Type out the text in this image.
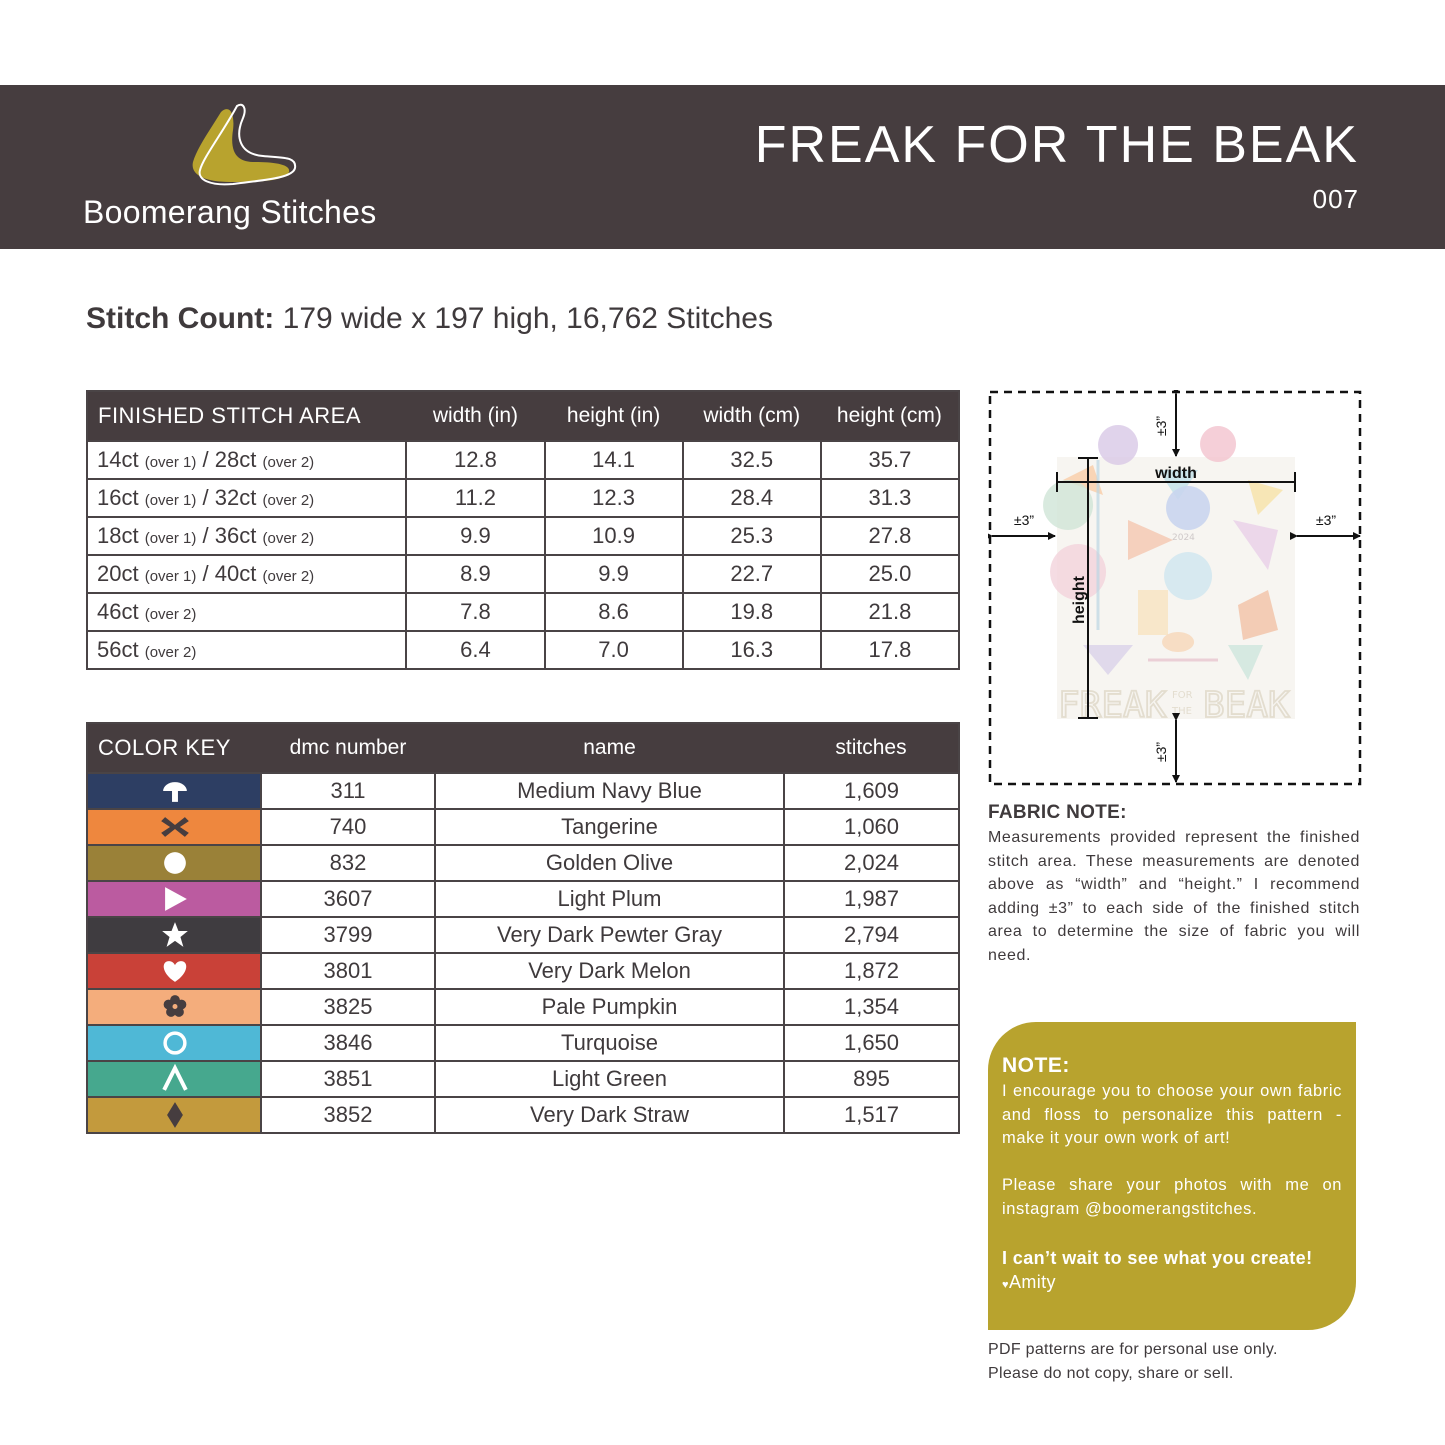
Boomerang Stitches
FREAK FOR THE BEAK
007
Stitch Count: 179 wide x 197 high, 16,762 Stitches
FINISHED STITCH AREA	width (in)	height (in)	width (cm)	height (cm)
14ct (over 1) / 28ct (over 2)	12.8	14.1	32.5	35.7
16ct (over 1) / 32ct (over 2)	11.2	12.3	28.4	31.3
18ct (over 1) / 36ct (over 2)	9.9	10.9	25.3	27.8
20ct (over 1) / 40ct (over 2)	8.9	9.9	22.7	25.0
46ct (over 2)	7.8	8.6	19.8	21.8
56ct (over 2)	6.4	7.0	16.3	17.8
COLOR KEY	dmc number	name	stitches

	311	Medium Navy Blue	1,609

	740	Tangerine	1,060

	832	Golden Olive	2,024

	3607	Light Plum	1,987

	3799	Very Dark Pewter Gray	2,794

	3801	Very Dark Melon	1,872

	3825	Pale Pumpkin	1,354

	3846	Turquoise	1,650

	3851	Light Green	895

	3852	Very Dark Straw	1,517
2024
FREAK FOR
THE BEAK
width
height
±3”
±3”
±3”	±3”
FABRIC NOTE:
Measurements provided represent the finished stitch area. These measurements are denoted above as “width” and “height.” I recommend adding ±3” to each side of the finished stitch area to determine the size of fabric you will need.
NOTE:
I encourage you to choose your own fabric and floss to personalize this pattern - make it your own work of art!
Please share your photos with me on instagram @boomerangstitches.
I can’t wait to see what you create!
♥Amity
PDF patterns are for personal use only.
Please do not copy, share or sell.
